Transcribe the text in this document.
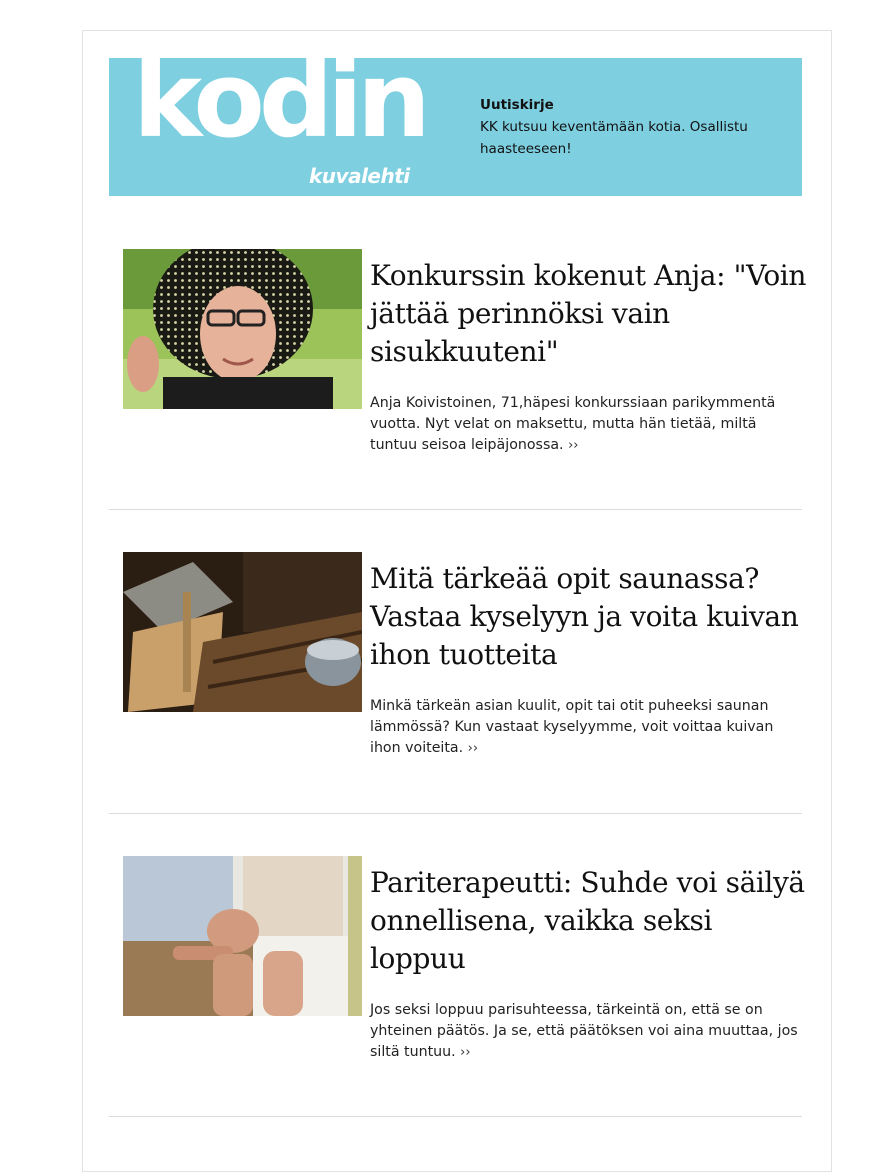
kodin
kuvalehti
Uutiskirje
KK kutsuu keventämään kotia. Osallistu haasteeseen!
Konkurssin kokenut Anja: "Voin jättää perinnöksi vain sisukkuuteni"
Anja Koivistoinen, 71,häpesi konkurssiaan parikymmentä vuotta. Nyt velat on maksettu, mutta hän tietää, miltä tuntuu seisoa leipäjonossa. ››
Mitä tärkeää opit saunassa? Vastaa kyselyyn ja voita kuivan ihon tuotteita
Minkä tärkeän asian kuulit, opit tai otit puheeksi saunan lämmössä? Kun vastaat kyselyymme, voit voittaa kuivan ihon voiteita. ››
Pariterapeutti: Suhde voi säilyä onnellisena, vaikka seksi loppuu
Jos seksi loppuu parisuhteessa, tärkeintä on, että se on yhteinen päätös. Ja se, että päätöksen voi aina muuttaa, jos siltä tuntuu. ››
